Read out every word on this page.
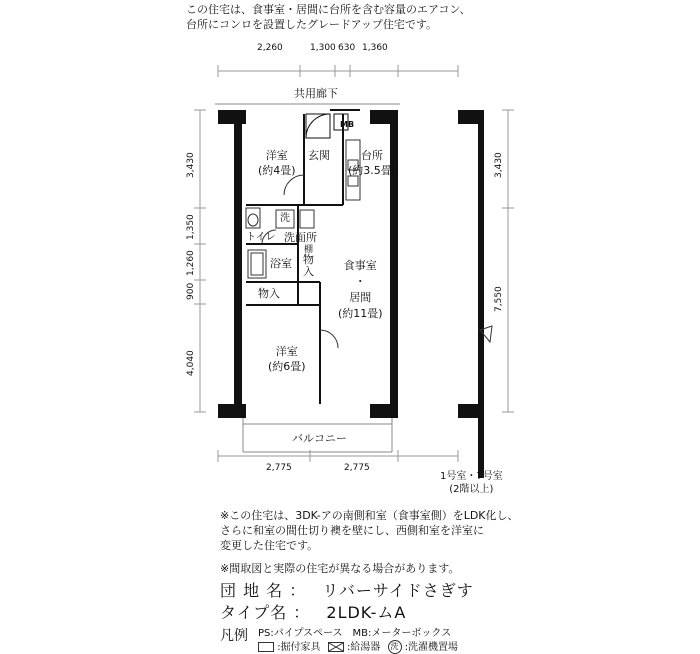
この住宅は、食事室・居間に台所を含む容量のエアコン、
台所にコンロを設置したグレードアップ住宅です。
2,260	1,300 630 1,360
3,430
1,350
1,260
900
4,040
3,430
7,550
2,775	2,775
共用廊下
洋室
(約4畳)
玄関
MB
台所
(約3.5畳)
洗
トイレ 洗面所
棚
浴室 物
入
物入
食事室
・
居間
(約11畳)
洋室
(約6畳)
バルコニー
1号室・7号室
(2階以上)
※この住宅は、3DK-アの南側和室（食事室側）をLDK化し、
さらに和室の間仕切り襖を壁にし、西側和室を洋室に
変更した住宅です。
※間取図と実際の住宅が異なる場合があります。
団 地 名 ： リバーサイドさぎす
タイプ名 ： 2LDK-ムA
凡例 PS:パイプスペース　MB:メーターボックス
:掘付家具	:給湯器 洗 :洗濯機置場
